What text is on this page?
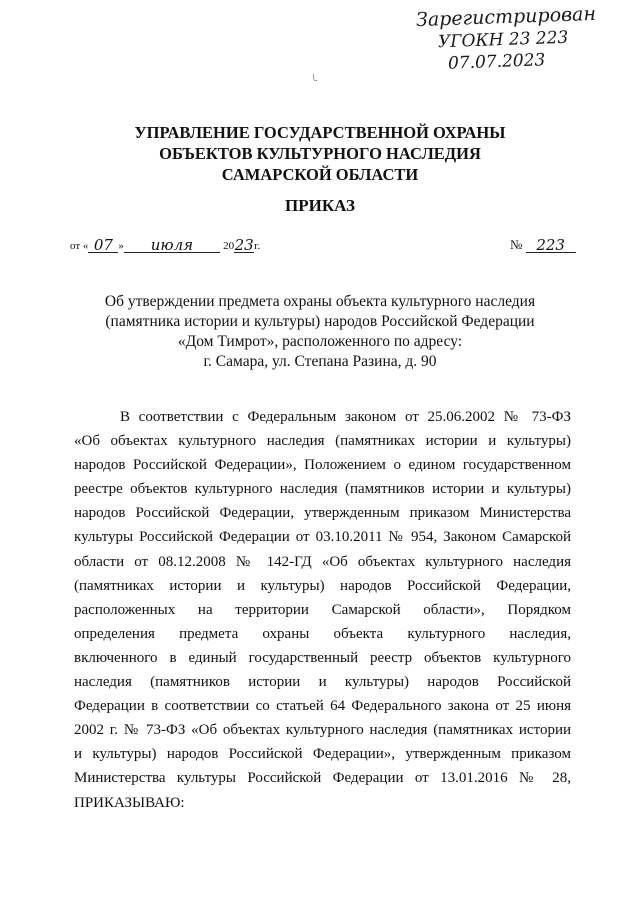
Зарегистрирован
УГОКН 23 223
07.07.2023
\.
УПРАВЛЕНИЕ ГОСУДАРСТВЕННОЙ ОХРАНЫ
ОБЪЕКТОВ КУЛЬТУРНОГО НАСЛЕДИЯ
САМАРСКОЙ ОБЛАСТИ
ПРИКАЗ
от « 07 » июля	2023г.	№ 223
Об утверждении предмета охраны объекта культурного наследия
(памятника истории и культуры) народов Российской Федерации
«Дом Тимрот», расположенного по адресу:
г. Самара, ул. Степана Разина, д. 90
В соответствии с Федеральным законом от 25.06.2002 № 73-ФЗ
«Об объектах культурного наследия (памятниках истории и культуры)
народов Российской Федерации», Положением о едином государственном
реестре объектов культурного наследия (памятников истории и культуры)
народов Российской Федерации, утвержденным приказом Министерства
культуры Российской Федерации от 03.10.2011 № 954, Законом Самарской
области от 08.12.2008 № 142-ГД «Об объектах культурного наследия
(памятниках истории и культуры) народов Российской Федерации,
расположенных на территории Самарской области», Порядком
определения предмета охраны объекта культурного наследия,
включенного в единый государственный реестр объектов культурного
наследия (памятников истории и культуры) народов Российской
Федерации в соответствии со статьей 64 Федерального закона от 25 июня
2002 г. № 73-ФЗ «Об объектах культурного наследия (памятниках истории
и культуры) народов Российской Федерации», утвержденным приказом
Министерства культуры Российской Федерации от 13.01.2016 № 28,
ПРИКАЗЫВАЮ:
